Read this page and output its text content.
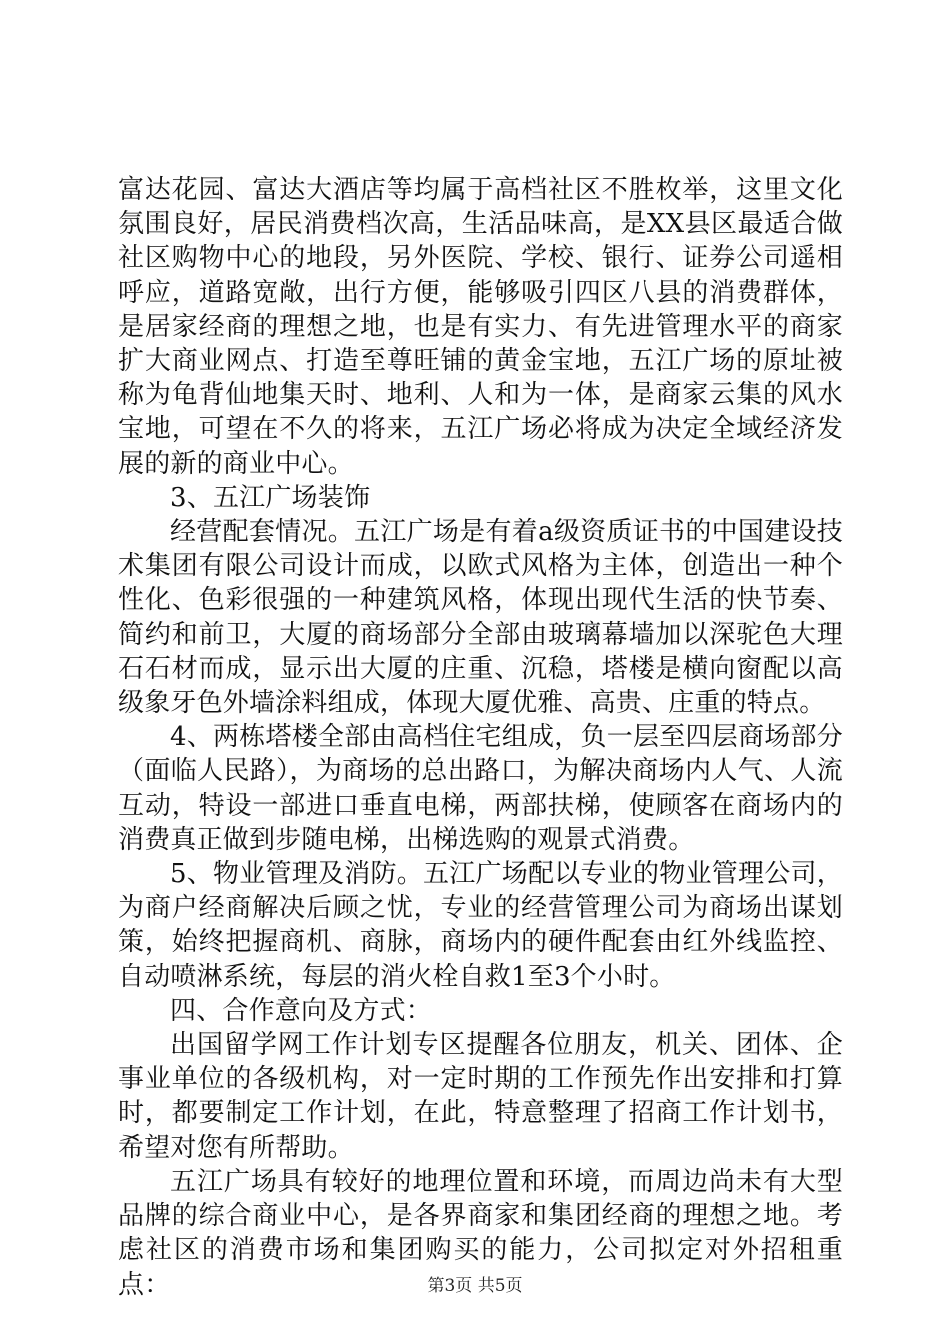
富达花园、富达大酒店等均属于高档社区不胜枚举，这里文化氛围良好，居民消费档次高，生活品味高，是XX县区最适合做社区购物中心的地段，另外医院、学校、银行、证券公司遥相呼应，道路宽敞，出行方便，能够吸引四区八县的消费群体，是居家经商的理想之地，也是有实力、有先进管理水平的商家扩大商业网点、打造至尊旺铺的黄金宝地，五江广场的原址被称为龟背仙地集天时、地利、人和为一体，是商家云集的风水宝地，可望在不久的将来，五江广场必将成为决定全域经济发展的新的商业中心。

3、五江广场装饰

经营配套情况。五江广场是有着a级资质证书的中国建设技术集团有限公司设计而成，以欧式风格为主体，创造出一种个性化、色彩很强的一种建筑风格，体现出现代生活的快节奏、简约和前卫，大厦的商场部分全部由玻璃幕墙加以深驼色大理石石材而成，显示出大厦的庄重、沉稳，塔楼是横向窗配以高级象牙色外墙涂料组成，体现大厦优雅、高贵、庄重的特点。

4、两栋塔楼全部由高档住宅组成，负一层至四层商场部分（面临人民路），为商场的总出路口，为解决商场内人气、人流互动，特设一部进口垂直电梯，两部扶梯，使顾客在商场内的消费真正做到步随电梯，出梯选购的观景式消费。

5、物业管理及消防。五江广场配以专业的物业管理公司，为商户经商解决后顾之忧，专业的经营管理公司为商场出谋划策，始终把握商机、商脉，商场内的硬件配套由红外线监控、自动喷淋系统，每层的消火栓自救1至3个小时。

四、合作意向及方式：

出国留学网工作计划专区提醒各位朋友，机关、团体、企事业单位的各级机构，对一定时期的工作预先作出安排和打算时，都要制定工作计划，在此，特意整理了招商工作计划书，希望对您有所帮助。

五江广场具有较好的地理位置和环境，而周边尚未有大型品牌的综合商业中心，是各界商家和集团经商的理想之地。考虑社区的消费市场和集团购买的能力，公司拟定对外招租重点：	第3页 共5页
